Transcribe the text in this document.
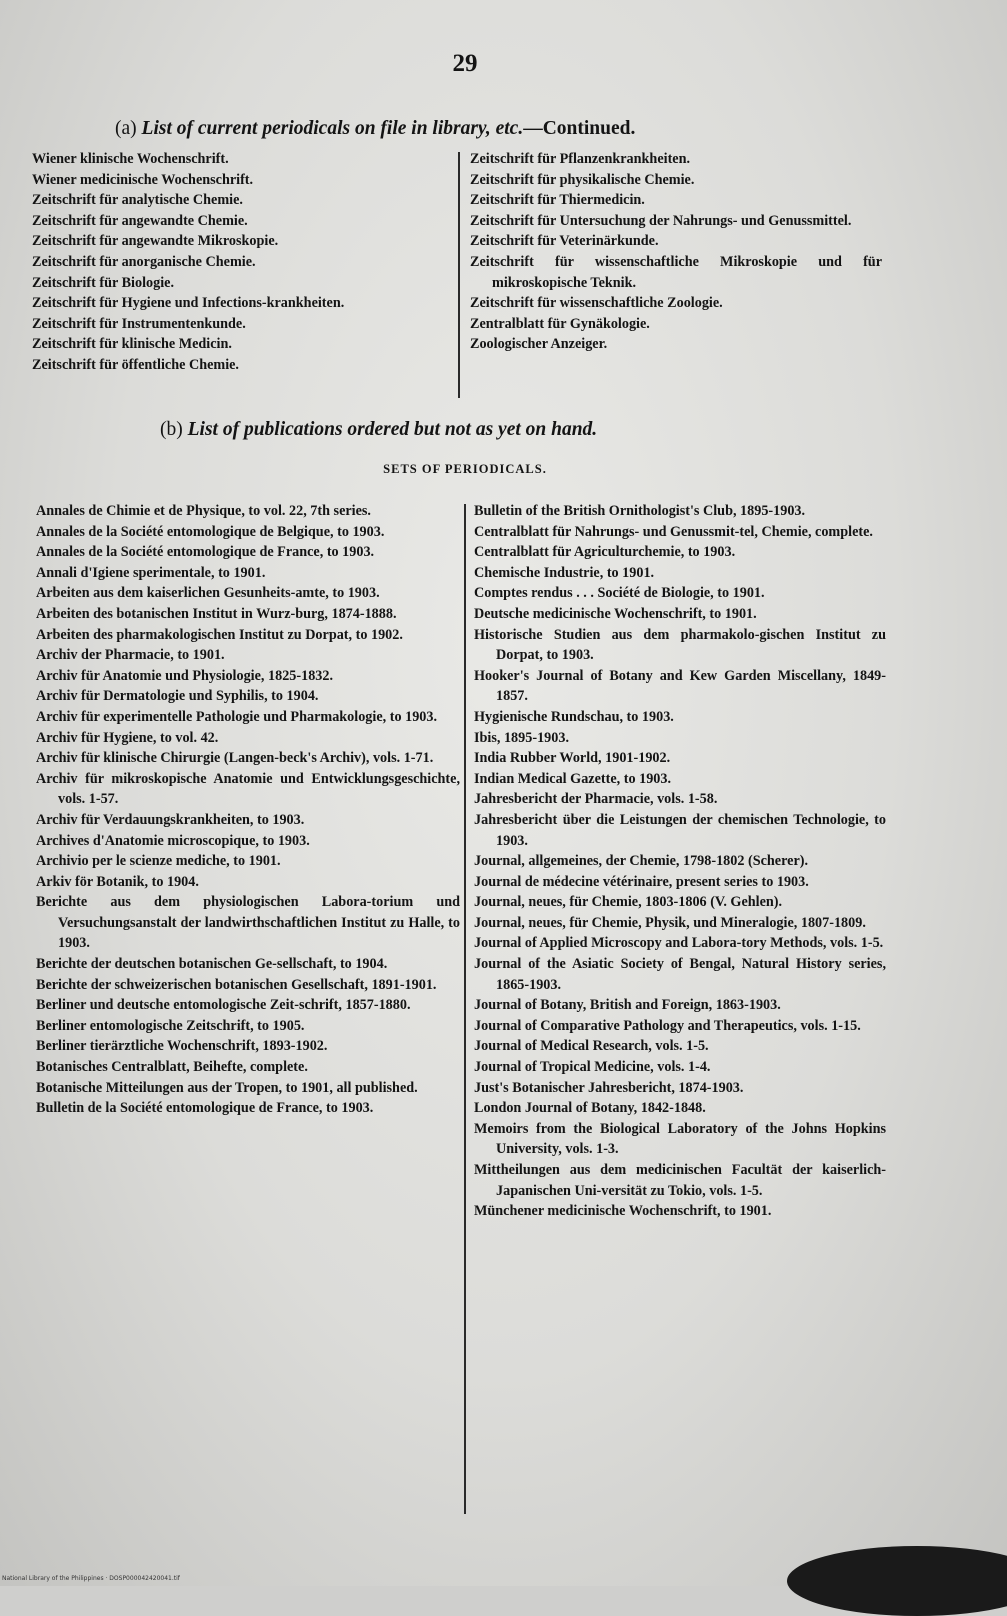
29
(a) List of current periodicals on file in library, etc.—Continued.
Wiener klinische Wochenschrift.
Wiener medicinische Wochenschrift.
Zeitschrift für analytische Chemie.
Zeitschrift für angewandte Chemie.
Zeitschrift für angewandte Mikroskopie.
Zeitschrift für anorganische Chemie.
Zeitschrift für Biologie.
Zeitschrift für Hygiene und Infections-krankheiten.
Zeitschrift für Instrumentenkunde.
Zeitschrift für klinische Medicin.
Zeitschrift für öffentliche Chemie.
Zeitschrift für Pflanzenkrankheiten.
Zeitschrift für physikalische Chemie.
Zeitschrift für Thiermedicin.
Zeitschrift für Untersuchung der Nahrungs- und Genussmittel.
Zeitschrift für Veterinärkunde.
Zeitschrift für wissenschaftliche Mikroskopie und für mikroskopische Teknik.
Zeitschrift für wissenschaftliche Zoologie.
Zentralblatt für Gynäkologie.
Zoologischer Anzeiger.
(b) List of publications ordered but not as yet on hand.
SETS OF PERIODICALS.
Annales de Chimie et de Physique, to vol. 22, 7th series.
Annales de la Société entomologique de Belgique, to 1903.
Annales de la Société entomologique de France, to 1903.
Annali d'Igiene sperimentale, to 1901.
Arbeiten aus dem kaiserlichen Gesunheits-amte, to 1903.
Arbeiten des botanischen Institut in Wurz-burg, 1874-1888.
Arbeiten des pharmakologischen Institut zu Dorpat, to 1902.
Archiv der Pharmacie, to 1901.
Archiv für Anatomie und Physiologie, 1825-1832.
Archiv für Dermatologie und Syphilis, to 1904.
Archiv für experimentelle Pathologie und Pharmakologie, to 1903.
Archiv für Hygiene, to vol. 42.
Archiv für klinische Chirurgie (Langen-beck's Archiv), vols. 1-71.
Archiv für mikroskopische Anatomie und Entwicklungsgeschichte, vols. 1-57.
Archiv für Verdauungskrankheiten, to 1903.
Archives d'Anatomie microscopique, to 1903.
Archivio per le scienze mediche, to 1901.
Arkiv för Botanik, to 1904.
Berichte aus dem physiologischen Labora-torium und Versuchungsanstalt der landwirthschaftlichen Institut zu Halle, to 1903.
Berichte der deutschen botanischen Ge-sellschaft, to 1904.
Berichte der schweizerischen botanischen Gesellschaft, 1891-1901.
Berliner und deutsche entomologische Zeit-schrift, 1857-1880.
Berliner entomologische Zeitschrift, to 1905.
Berliner tierärztliche Wochenschrift, 1893-1902.
Botanisches Centralblatt, Beihefte, complete.
Botanische Mitteilungen aus der Tropen, to 1901, all published.
Bulletin de la Société entomologique de France, to 1903.
Bulletin of the British Ornithologist's Club, 1895-1903.
Centralblatt für Nahrungs- und Genussmit-tel, Chemie, complete.
Centralblatt für Agriculturchemie, to 1903.
Chemische Industrie, to 1901.
Comptes rendus . . . Société de Biologie, to 1901.
Deutsche medicinische Wochenschrift, to 1901.
Historische Studien aus dem pharmakolo-gischen Institut zu Dorpat, to 1903.
Hooker's Journal of Botany and Kew Garden Miscellany, 1849-1857.
Hygienische Rundschau, to 1903.
Ibis, 1895-1903.
India Rubber World, 1901-1902.
Indian Medical Gazette, to 1903.
Jahresbericht der Pharmacie, vols. 1-58.
Jahresbericht über die Leistungen der chemischen Technologie, to 1903.
Journal, allgemeines, der Chemie, 1798-1802 (Scherer).
Journal de médecine vétérinaire, present series to 1903.
Journal, neues, für Chemie, 1803-1806 (V. Gehlen).
Journal, neues, für Chemie, Physik, und Mineralogie, 1807-1809.
Journal of Applied Microscopy and Labora-tory Methods, vols. 1-5.
Journal of the Asiatic Society of Bengal, Natural History series, 1865-1903.
Journal of Botany, British and Foreign, 1863-1903.
Journal of Comparative Pathology and Therapeutics, vols. 1-15.
Journal of Medical Research, vols. 1-5.
Journal of Tropical Medicine, vols. 1-4.
Just's Botanischer Jahresbericht, 1874-1903.
London Journal of Botany, 1842-1848.
Memoirs from the Biological Laboratory of the Johns Hopkins University, vols. 1-3.
Mittheilungen aus dem medicinischen Facultät der kaiserlich-Japanischen Uni-versität zu Tokio, vols. 1-5.
Münchener medicinische Wochenschrift, to 1901.
National Library of the Philippines · DOSP000042420041.tif
